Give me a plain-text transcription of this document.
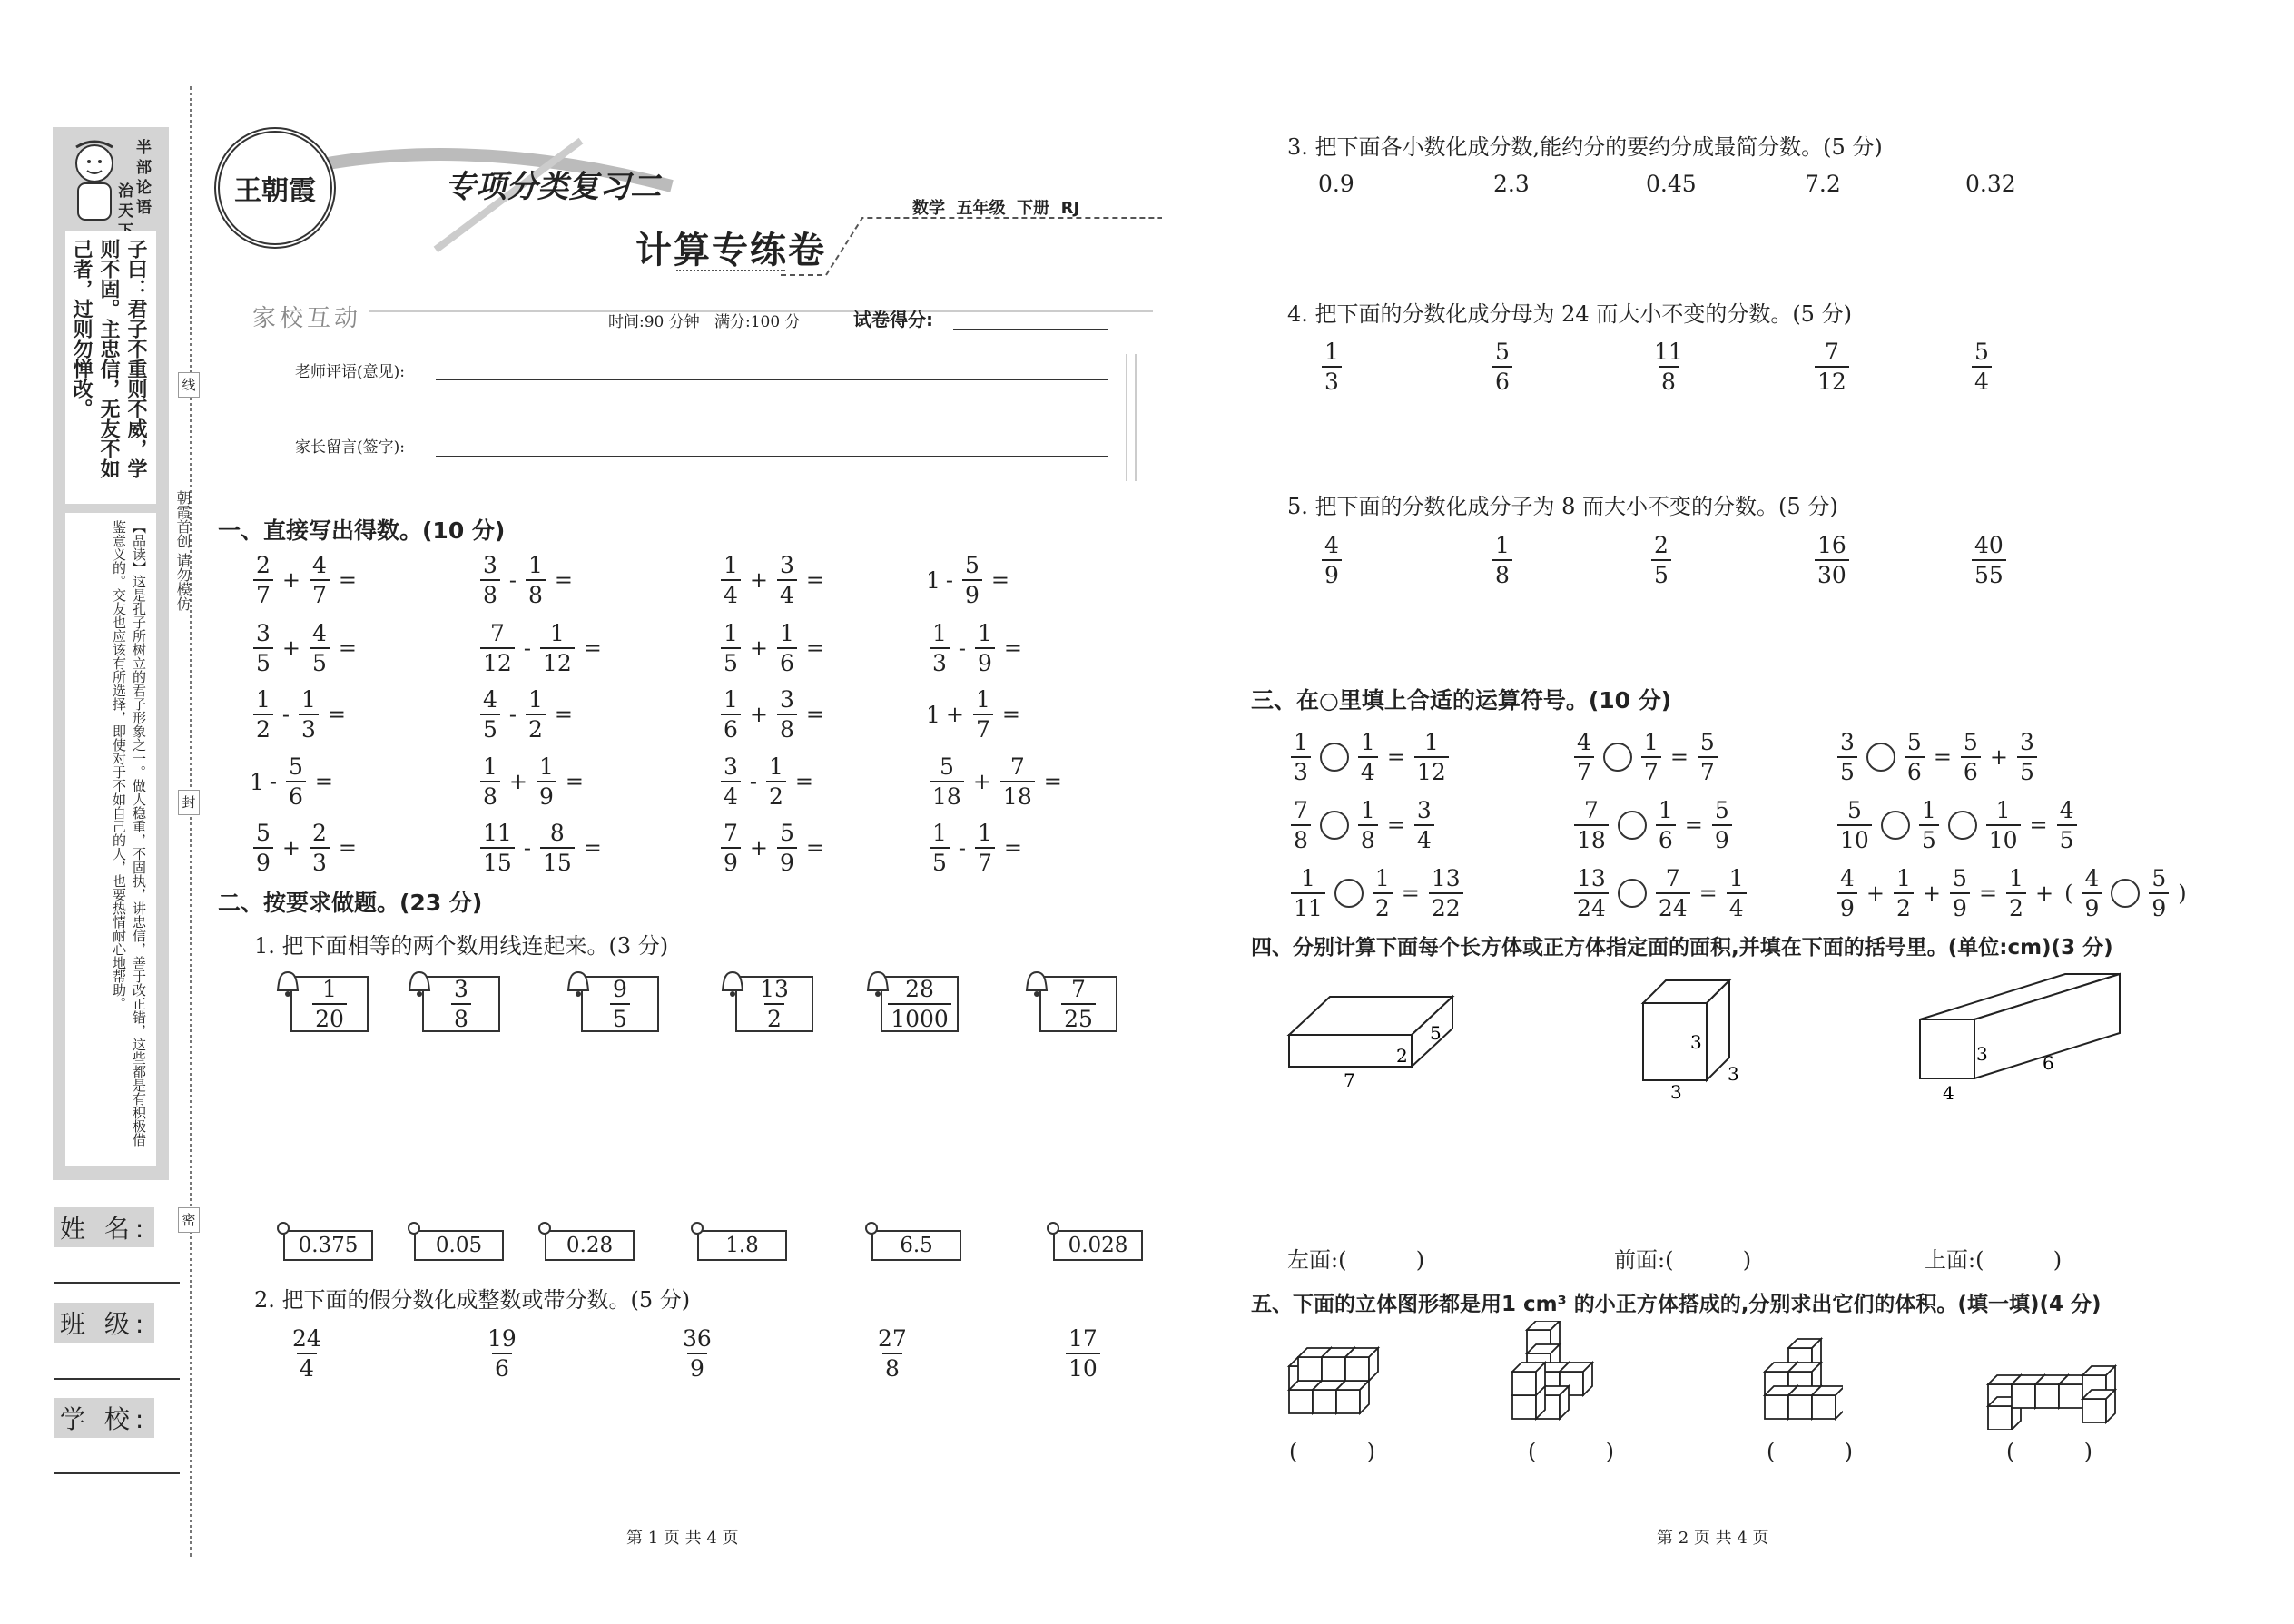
半
部
论
语
治
天

子曰：君子不重则不威，学则不固。主忠信，无友不如己者，过则勿惮改。
【品读】这是孔子所树立的君子形象之一。做人稳重，不固执，讲忠信，善于改正错，这些都是有积极借鉴意义的。交友也应该有所选择，即使对于不如自己的人，也要热情耐心地帮助。
线
封
密
朝霞首创 请勿模仿
姓 名:
班 级:
学 校:
王朝霞	专项分类复习二
计算专练卷
数学  五年级  下册  RJ
家校互动	时间:90 分钟   满分:100 分	试卷得分:
老师评语(意见):
家长留言(签字):
一、直接写出得数。(10 分)
$\frac{2}{7} + \frac{4}{7}$ =	$\frac{3}{8} - \frac{1}{8}$ =	$\frac{1}{4} + \frac{3}{4}$ =	$1 - \frac{5}{9}$ =
$\frac{3}{5} + \frac{4}{5}$ =	$\frac{7}{12} - \frac{1}{12}$ =	$\frac{1}{5} + \frac{1}{6}$ =	$\frac{1}{3} - \frac{1}{9}$ =
$\frac{1}{2} - \frac{1}{3}$ =	$\frac{4}{5} - \frac{1}{2}$ =	$\frac{1}{6} + \frac{3}{8}$ =	$1 + \frac{1}{7}$ =
$1 - \frac{5}{6}$ =	$\frac{1}{8} + \frac{1}{9}$ =	$\frac{3}{4} - \frac{1}{2}$ =	$\frac{5}{18} + \frac{7}{18}$ =
$\frac{5}{9} + \frac{2}{3}$ =	$\frac{11}{15} - \frac{8}{15}$ =	$\frac{7}{9} + \frac{5}{9}$ =	$\frac{1}{5} - \frac{1}{7}$ =
二、按要求做题。(23 分)
1. 把下面相等的两个数用线连起来。(3 分)
$\frac{1}{20}$	$\frac{3}{8}$	$\frac{9}{5}$	$\frac{13}{2}$	$\frac{28}{1000}$	$\frac{7}{25}$
0.375	0.05	0.28	1.8	6.5	0.028
2. 把下面的假分数化成整数或带分数。(5 分)
$\frac{24}{4}$	$\frac{19}{6}$	$\frac{36}{9}$	$\frac{27}{8}$	$\frac{17}{10}$
第 1 页 共 4 页
3. 把下面各小数化成分数,能约分的要约分成最简分数。(5 分)
0.9	2.3	0.45	7.2	0.32
4. 把下面的分数化成分母为 24 而大小不变的分数。(5 分)
$\frac{1}{3}$	$\frac{5}{6}$	$\frac{11}{8}$	$\frac{7}{12}$	$\frac{5}{4}$
5. 把下面的分数化成分子为 8 而大小不变的分数。(5 分)
$\frac{4}{9}$	$\frac{1}{8}$	$\frac{2}{5}$	$\frac{16}{30}$	$\frac{40}{55}$
三、在○里填上合适的运算符号。(10 分)
$\frac{1}{3} \frac{1}{4} = \frac{1}{12}$	$\frac{4}{7} \frac{1}{7} = \frac{5}{7}$	$\frac{3}{5} \frac{5}{6} = \frac{5}{6} + \frac{3}{5}$
$\frac{7}{8} \frac{1}{8} = \frac{3}{4}$	$\frac{7}{18} \frac{1}{6} = \frac{5}{9}$	$\frac{5}{10} \frac{1}{5} \frac{1}{10} = \frac{4}{5}$
$\frac{1}{11} \frac{1}{2} = \frac{13}{22}$	$\frac{13}{24} \frac{7}{24} = \frac{1}{4}$	$\frac{4}{9} + \frac{1}{2} + \frac{5}{9} = \frac{1}{2}$ + ( $\frac{4}{9} \frac{5}{9}$ )
四、分别计算下面每个长方体或正方体指定面的面积,并填在下面的括号里。(单位:cm)(3 分)
7
2
5
3
3
3
4
3	6
左面:(          )	前面:(          )	上面:(          )
五、下面的立体图形都是用1 cm³ 的小正方体搭成的,分别求出它们的体积。(填一填)(4 分)
(          )	(          )	(          )	(          )
第 2 页 共 4 页
